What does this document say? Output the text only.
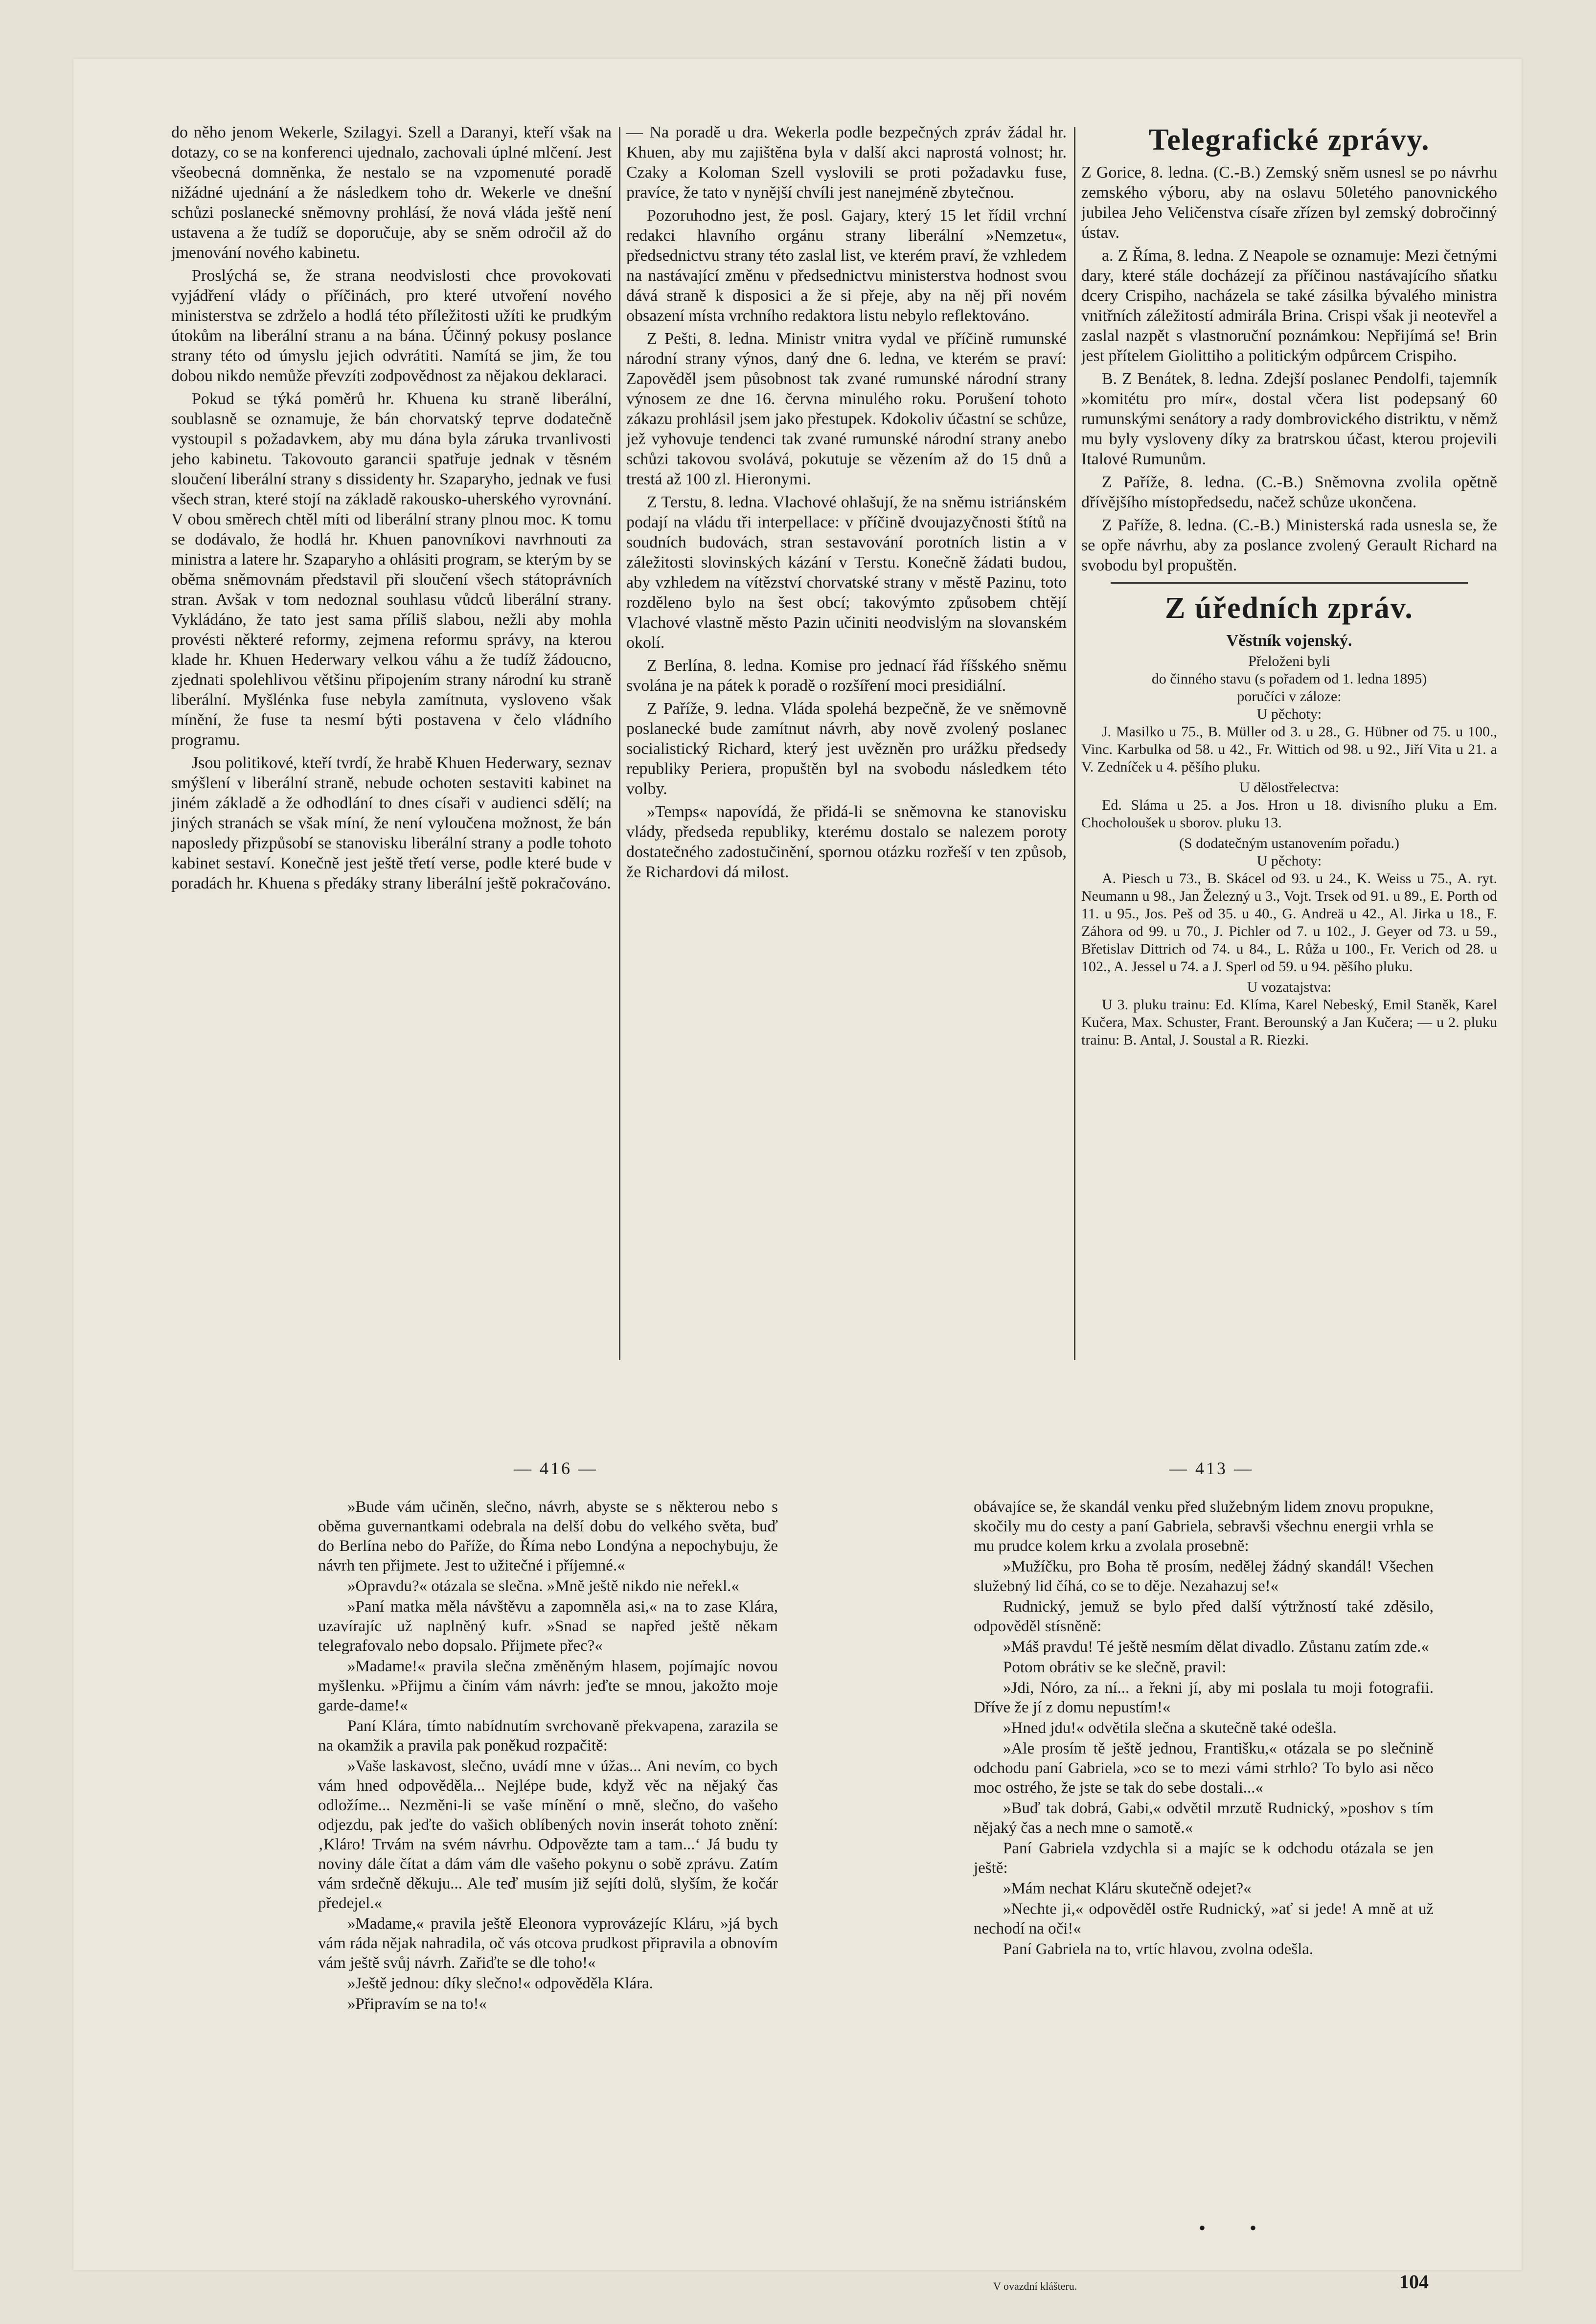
do něho jenom Wekerle, Szilagyi. Szell a Daranyi, kteří však na dotazy, co se na konferenci ujednalo, zachovali úplné mlčení. Jest všeobecná domněnka, že nestalo se na vzpomenuté poradě nižádné ujednání a že následkem toho dr. Wekerle ve dnešní schůzi poslanecké sněmovny prohlásí, že nová vláda ještě není ustavena a že tudíž se doporučuje, aby se sněm odročil až do jmenování nového kabinetu.

Proslýchá se, že strana neodvislosti chce provokovati vyjádření vlády o příčinách, pro které utvoření nového ministerstva se zdrželo a hodlá této příležitosti užíti ke prudkým útokům na liberální stranu a na bána. Účinný pokusy poslance strany této od úmyslu jejich odvrátiti. Namítá se jim, že tou dobou nikdo nemůže převzíti zodpovědnost za nějakou deklaraci.

Pokud se týká poměrů hr. Khuena ku straně liberální, soublasně se oznamuje, že bán chorvatský teprve dodatečně vystoupil s požadavkem, aby mu dána byla záruka trvanlivosti jeho kabinetu. Takovouto garancii spatřuje jednak v těsném sloučení liberální strany s dissidenty hr. Szaparyho, jednak ve fusi všech stran, které stojí na základě rakousko-uherského vyrovnání. V obou směrech chtěl míti od liberální strany plnou moc. K tomu se dodávalo, že hodlá hr. Khuen panovníkovi navrhnouti za ministra a latere hr. Szaparyho a ohlásiti program, se kterým by se oběma sněmovnám představil při sloučení všech státoprávních stran. Avšak v tom nedoznal souhlasu vůdců liberální strany. Vykládáno, že tato jest sama příliš slabou, nežli aby mohla provésti některé reformy, zejmena reformu správy, na kterou klade hr. Khuen Hederwary velkou váhu a že tudíž žádoucno, zjednati spolehlivou většinu připojením strany národní ku straně liberální. Myšlénka fuse nebyla zamítnuta, vysloveno však mínění, že fuse ta nesmí býti postavena v čelo vládního programu.

Jsou politikové, kteří tvrdí, že hrabě Khuen Hederwary, seznav smýšlení v liberální straně, nebude ochoten sestaviti kabinet na jiném základě a že odhodlání to dnes císaři v audienci sdělí; na jiných stranách se však míní, že není vyloučena možnost, že bán naposledy přizpůsobí se stanovisku liberální strany a podle tohoto kabinet sestaví. Konečně jest ještě třetí verse, podle které bude v poradách hr. Khuena s předáky strany liberální ještě pokračováno.

— Na poradě u dra. Wekerla podle bezpečných zpráv žádal hr. Khuen, aby mu zajištěna byla v další akci naprostá volnost; hr. Czaky a Koloman Szell vyslovili se proti požadavku fuse, pravíce, že tato v nynější chvíli jest nanejméně zbytečnou.

Pozoruhodno jest, že posl. Gajary, který 15 let řídil vrchní redakci hlavního orgánu strany liberální »Nemzetu«, předsednictvu strany této zaslal list, ve kterém praví, že vzhledem na nastávající změnu v předsednictvu ministerstva hodnost svou dává straně k disposici a že si přeje, aby na něj při novém obsazení místa vrchního redaktora listu nebylo reflektováno.

Z Pešti, 8. ledna. Ministr vnitra vydal ve příčině rumunské národní strany výnos, daný dne 6. ledna, ve kterém se praví: Zapověděl jsem působnost tak zvané rumunské národní strany výnosem ze dne 16. června minulého roku. Porušení tohoto zákazu prohlásil jsem jako přestupek. Kdokoliv účastní se schůze, jež vyhovuje tendenci tak zvané rumunské národní strany anebo schůzi takovou svolává, pokutuje se vězením až do 15 dnů a trestá až 100 zl. Hieronymi.

Z Terstu, 8. ledna. Vlachové ohlašují, že na sněmu istriánském podají na vládu tři interpellace: v příčině dvoujazyčnosti štítů na soudních budovách, stran sestavování porotních listin a v záležitosti slovinských kázání v Terstu. Konečně žádati budou, aby vzhledem na vítězství chorvatské strany v městě Pazinu, toto rozděleno bylo na šest obcí; takovýmto způsobem chtějí Vlachové vlastně město Pazin učiniti neodvislým na slovanském okolí.

Z Berlína, 8. ledna. Komise pro jednací řád říšského sněmu svolána je na pátek k poradě o rozšíření moci presidiální.

Z Paříže, 9. ledna. Vláda spolehá bezpečně, že ve sněmovně poslanecké bude zamítnut návrh, aby nově zvolený poslanec socialistický Richard, který jest uvězněn pro urážku předsedy republiky Periera, propuštěn byl na svobodu následkem této volby.

»Temps« napovídá, že přidá-li se sněmovna ke stanovisku vlády, předseda republiky, kterému dostalo se nalezem poroty dostatečného zadostučinění, spornou otázku rozřeší v ten způsob, že Richardovi dá milost.

Telegrafické zprávy.

Z Gorice, 8. ledna. (C.-B.) Zemský sněm usnesl se po návrhu zemského výboru, aby na oslavu 50letého panovnického jubilea Jeho Veličenstva císaře zřízen byl zemský dobročinný ústav.

a. Z Říma, 8. ledna. Z Neapole se oznamuje: Mezi četnými dary, které stále docházejí za příčinou nastávajícího sňatku dcery Crispiho, nacházela se také zásilka bývalého ministra vnitřních záležitostí admirála Brina. Crispi však ji neotevřel a zaslal nazpět s vlastnoruční poznámkou: Nepřijímá se! Brin jest přítelem Giolittiho a politickým odpůrcem Crispiho.

B. Z Benátek, 8. ledna. Zdejší poslanec Pendolfi, tajemník »komitétu pro mír«, dostal včera list podepsaný 60 rumunskými senátory a rady dombrovického distriktu, v němž mu byly vysloveny díky za bratrskou účast, kterou projevili Italové Rumunům.

Z Paříže, 8. ledna. (C.-B.) Sněmovna zvolila opětně dřívějšího místopředsedu, načež schůze ukončena.

Z Paříže, 8. ledna. (C.-B.) Ministerská rada usnesla se, že se opře návrhu, aby za poslance zvolený Gerault Richard na svobodu byl propuštěn.

Z úředních zpráv.
Věstník vojenský.
Přeloženi byli
do činného stavu (s pořadem od 1. ledna 1895)
poručíci v záloze:
U pěchoty:

J. Masilko u 75., B. Müller od 3. u 28., G. Hübner od 75. u 100., Vinc. Karbulka od 58. u 42., Fr. Wittich od 98. u 92., Jiří Vita u 21. a V. Zedníček u 4. pěšího pluku.

U dělostřelectva:

Ed. Sláma u 25. a Jos. Hron u 18. divisního pluku a Em. Chocholoušek u sborov. pluku 13.

(S dodatečným ustanovením pořadu.)
U pěchoty:

A. Piesch u 73., B. Skácel od 93. u 24., K. Weiss u 75., A. ryt. Neumann u 98., Jan Železný u 3., Vojt. Trsek od 91. u 89., E. Porth od 11. u 95., Jos. Peš od 35. u 40., G. Andreä u 42., Al. Jirka u 18., F. Záhora od 99. u 70., J. Pichler od 7. u 102., J. Geyer od 73. u 59., Břetislav Dittrich od 74. u 84., L. Růža u 100., Fr. Verich od 28. u 102., A. Jessel u 74. a J. Sperl od 59. u 94. pěšího pluku.

U vozatajstva:

U 3. pluku trainu: Ed. Klíma, Karel Nebeský, Emil Staněk, Karel Kučera, Max. Schuster, Frant. Berounský a Jan Kučera; — u 2. pluku trainu: B. Antal, J. Soustal a R. Riezki.

— 416 —	— 413 —

»Bude vám učiněn, slečno, návrh, abyste se s některou nebo s oběma guvernantkami odebrala na delší dobu do velkého světa, buď do Berlína nebo do Paříže, do Říma nebo Londýna a nepochybuju, že návrh ten přijmete. Jest to užitečné i příjemné.«

»Opravdu?« otázala se slečna. »Mně ještě nikdo nie neřekl.«

»Paní matka měla návštěvu a zapomněla asi,« na to zase Klára, uzavírajíc už naplněný kufr. »Snad se napřed ještě někam telegrafovalo nebo dopsalo. Přijmete přec?«

»Madame!« pravila slečna změněným hlasem, pojímajíc novou myšlenku. »Přijmu a činím vám návrh: jeďte se mnou, jakožto moje garde-dame!«

Paní Klára, tímto nabídnutím svrchovaně překvapena, zarazila se na okamžik a pravila pak poněkud rozpačitě:

»Vaše laskavost, slečno, uvádí mne v úžas... Ani nevím, co bych vám hned odpověděla... Nejlépe bude, když věc na nějaký čas odložíme... Nezměni-li se vaše mínění o mně, slečno, do vašeho odjezdu, pak jeďte do vašich oblíbených novin inserát tohoto znění: ‚Kláro! Trvám na svém návrhu. Odpovězte tam a tam...‘ Já budu ty noviny dále čítat a dám vám dle vašeho pokynu o sobě zprávu. Zatím vám srdečně děkuju... Ale teď musím již sejíti dolů, slyším, že kočár předejel.«

»Madame,« pravila ještě Eleonora vyprovázejíc Kláru, »já bych vám ráda nějak nahradila, oč vás otcova prudkost připravila a obnovím vám ještě svůj návrh. Zařiďte se dle toho!«

»Ještě jednou: díky slečno!« odpověděla Klára.

»Připravím se na to!«

obávajíce se, že skandál venku před služebným lidem znovu propukne, skočily mu do cesty a paní Gabriela, sebravši všechnu energii vrhla se mu prudce kolem krku a zvolala prosebně:

»Mužíčku, pro Boha tě prosím, nedělej žádný skandál! Všechen služebný lid číhá, co se to děje. Nezahazuj se!«

Rudnický, jemuž se bylo před další výtržností také zděsilo, odpověděl stísněně:

»Máš pravdu! Té ještě nesmím dělat divadlo. Zůstanu zatím zde.«

Potom obrátiv se ke slečně, pravil:

»Jdi, Nóro, za ní... a řekni jí, aby mi poslala tu moji fotografii. Dříve že jí z domu nepustím!«

»Hned jdu!« odvětila slečna a skutečně také odešla.

»Ale prosím tě ještě jednou, Františku,« otázala se po slečnině odchodu paní Gabriela, »co se to mezi vámi strhlo? To bylo asi něco moc ostrého, že jste se tak do sebe dostali...«

»Buď tak dobrá, Gabi,« odvětil mrzutě Rudnický, »poshov s tím nějaký čas a nech mne o samotě.«

Paní Gabriela vzdychla si a majíc se k odchodu otázala se jen ještě:

»Mám nechat Kláru skutečně odejet?«

»Nechte ji,« odpověděl ostře Rudnický, »ať si jede! A mně at už nechodí na oči!«

Paní Gabriela na to, vrtíc hlavou, zvolna odešla.

• •
V ovazdní klášteru.	104
